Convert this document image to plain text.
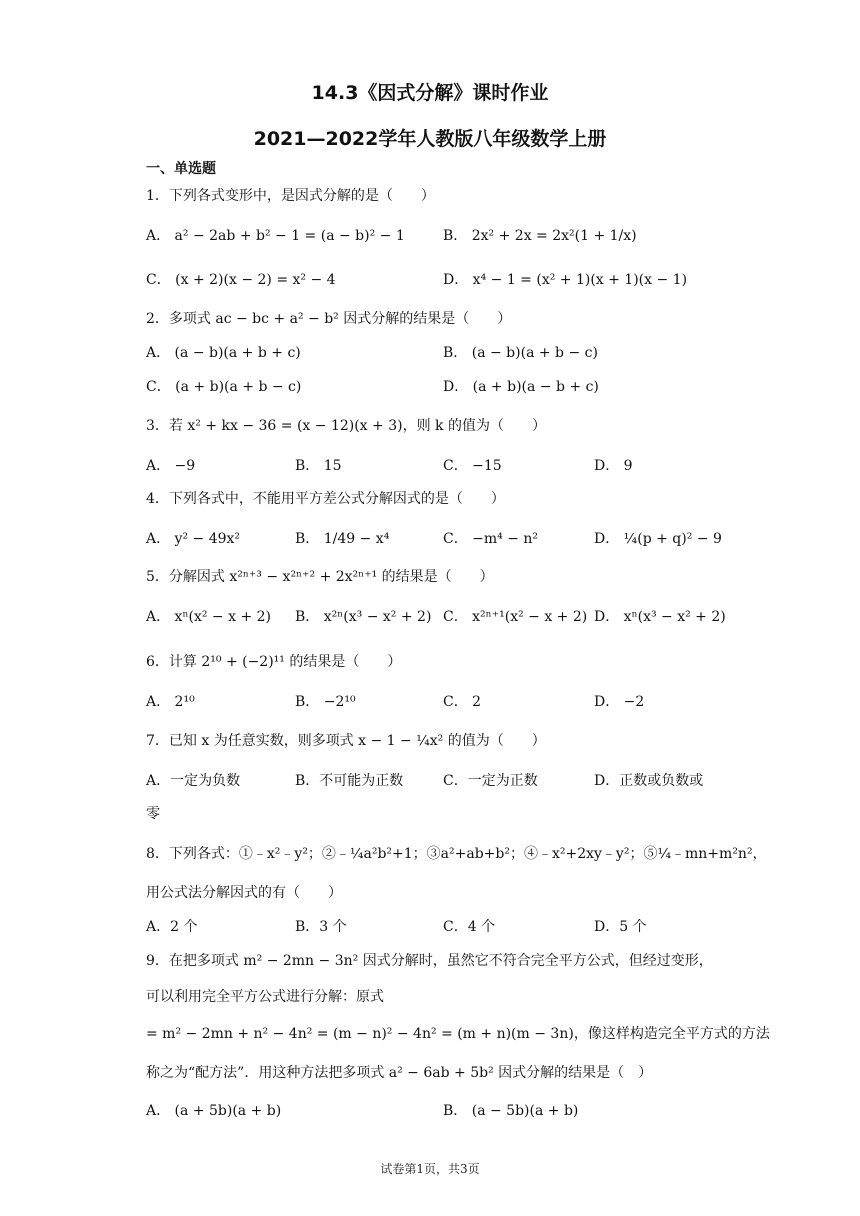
14.3《因式分解》课时作业
2021—2022学年人教版八年级数学上册
一、单选题
1．下列各式变形中，是因式分解的是（　　）
A． a² − 2ab + b² − 1 = (a − b)² − 1	B． 2x² + 2x = 2x²(1 + 1/x)
C． (x + 2)(x − 2) = x² − 4	D． x⁴ − 1 = (x² + 1)(x + 1)(x − 1)
2．多项式 ac − bc + a² − b² 因式分解的结果是（　　）
A． (a − b)(a + b + c)	B． (a − b)(a + b − c)
C． (a + b)(a + b − c)	D． (a + b)(a − b + c)
3．若 x² + kx − 36 = (x − 12)(x + 3)，则 k 的值为（　　）
A． −9	B． 15	C． −15	D． 9
4．下列各式中，不能用平方差公式分解因式的是（　　）
A． y² − 49x²	B． 1/49 − x⁴	C． −m⁴ − n²	D． ¼(p + q)² − 9
5．分解因式 x²ⁿ⁺³ − x²ⁿ⁺² + 2x²ⁿ⁺¹ 的结果是（　　）
A． xⁿ(x² − x + 2) B． x²ⁿ(x³ − x² + 2) C． x²ⁿ⁺¹(x² − x + 2) D． xⁿ(x³ − x² + 2)
6．计算 2¹⁰ + (−2)¹¹ 的结果是（　　）
A． 2¹⁰	B． −2¹⁰	C． 2	D． −2
7．已知 x 为任意实数，则多项式 x − 1 − ¼x² 的值为（　　）
A．一定为负数	B．不可能为正数	C．一定为正数	D．正数或负数或
零
8．下列各式：①﹣x²﹣y²；②﹣¼a²b²+1；③a²+ab+b²；④﹣x²+2xy﹣y²；⑤¼﹣mn+m²n²，
用公式法分解因式的有（　　）
A．2 个	B．3 个	C．4 个	D．5 个
9．在把多项式 m² − 2mn − 3n² 因式分解时，虽然它不符合完全平方公式，但经过变形，
可以利用完全平方公式进行分解：原式
= m² − 2mn + n² − 4n² = (m − n)² − 4n² = (m + n)(m − 3n)，像这样构造完全平方式的方法
称之为“配方法”．用这种方法把多项式 a² − 6ab + 5b² 因式分解的结果是（　）
A． (a + 5b)(a + b)	B． (a − 5b)(a + b)
试卷第1页，共3页
